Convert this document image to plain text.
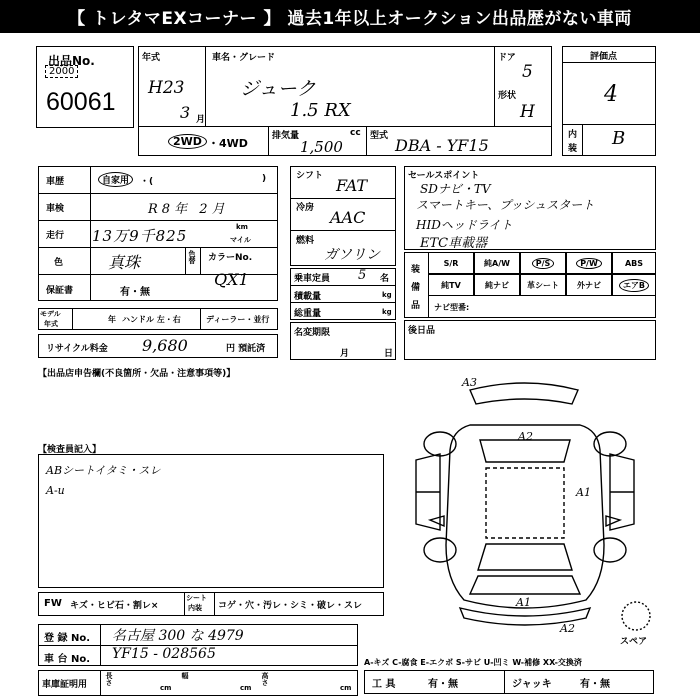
【 トレタマEXコーナー 】 過去1年以上オークション出品歴がない車両
出品No.
2000
60061
年式
H23
3 月
車名・グレード
ジューク
1.5 RX
ドア
5
形状
H
2WD ・4WD
排気量	cc
1,500
型式 DBA - YF15
評価点
4
内
装 B
車歴	自家用	・(	)
車検	R8年 2月
走行 13万9千825	km
マイル
色	真珠	色替
保証書	有・無
カラーNo.
QX1
モデル
年式	年 ハンドル 左・右	ディーラー・並行
リサイクル料金 9,680	円 預託済
シフト FAT
冷房 AAC
燃料
ガソリン
乗車定員 5 名
積載量	kg
総重量	kg
名変期限
月	日
セールスポイント
SDナビ・TV
スマートキー、プッシュスタート
HIDヘッドライト
ETC車載器
装
備
品
S/R	純A/W	P/S	P/W	ABS
純TV	純ナビ 革シート 外ナビ	エアB
ナビ型番:
後日品
【出品店申告欄(不良箇所・欠品・注意事項等)】
【検査員記入】
ABシートイタミ・スレ
A-u
FW キズ・ヒビ石・割レ×
シート
内装 コゲ・穴・汚レ・シミ・破レ・スレ
登 録 No. 名古屋 300 な 4979
車 台 No. YF15 - 028565
車庫証明用	長さ
cm
幅
cm
高さ
cm
A-キズ C-腐食 E-エクボ S-サビ U-凹ミ W-補修 XX-交換済
工 具	有・無	ジャッキ	有・無
A3
A2
A1
A1
A2
スペア
